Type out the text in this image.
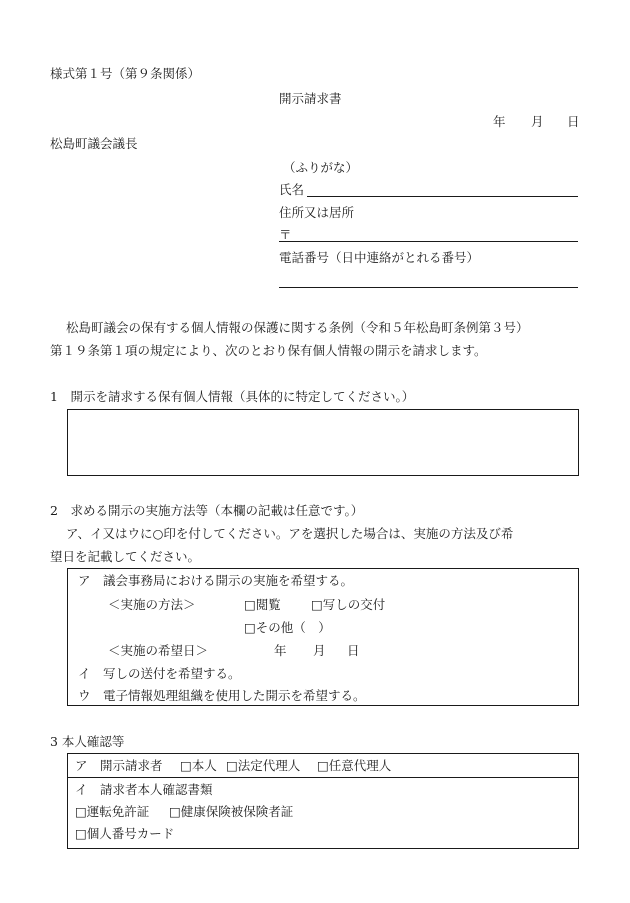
様式第１号（第９条関係）
開示請求書
年 月 日
松島町議会議長
（ふりがな）
氏名
住所又は居所
〒
電話番号（日中連絡がとれる番号）
松島町議会の保有する個人情報の保護に関する条例（令和５年松島町条例第３号）
第１９条第１項の規定により、次のとおり保有個人情報の開示を請求します。
1　開示を請求する保有個人情報（具体的に特定してください。）
2　求める開示の実施方法等（本欄の記載は任意です。）
ア、イ又はウに○印を付してください。アを選択した場合は、実施の方法及び希
望日を記載してください。
ア　議会事務局における開示の実施を希望する。
＜実施の方法＞	□閲覧 □写しの交付
□その他（　）
＜実施の希望日＞	年 月 日
イ　写しの送付を希望する。
ウ　電子情報処理組織を使用した開示を希望する。
3 本人確認等
ア　開示請求者 □本人 □法定代理人 □任意代理人
イ　請求者本人確認書類
□運転免許証 □健康保険被保険者証
□個人番号カード
